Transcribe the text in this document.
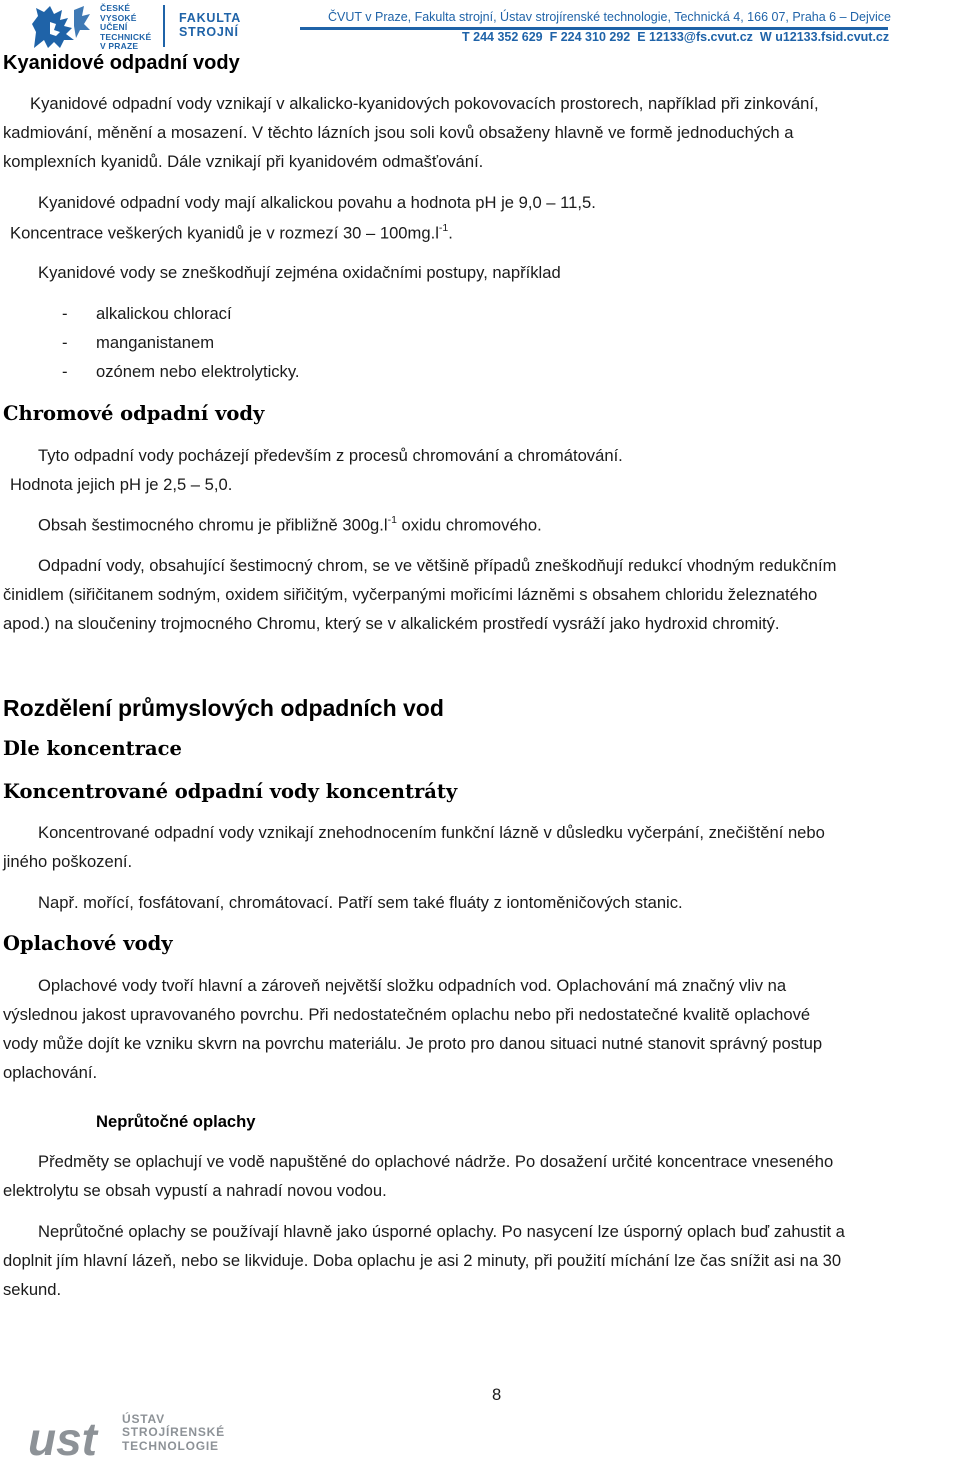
ČESKÉ
VYSOKÉ
UČENÍ
TECHNICKÉ
V PRAZE
FAKULTA
STROJNÍ
ČVUT v Praze, Fakulta strojní, Ústav strojírenské technologie, Technická 4, 166 07, Praha 6 – Dejvice
T 244 352 629 F 224 310 292 E 12133@fs.cvut.cz W u12133.fsid.cvut.cz
Kyanidové odpadní vody
Kyanidové odpadní vody vznikají v alkalicko-kyanidových pokovovacích prostorech, například při zinkování,
kadmiování, měnění a mosazení. V těchto lázních jsou soli kovů obsaženy hlavně ve formě jednoduchých a
komplexních kyanidů. Dále vznikají při kyanidovém odmašťování.
Kyanidové odpadní vody mají alkalickou povahu a hodnota pH je 9,0 – 11,5.
Koncentrace veškerých kyanidů je v rozmezí $30 - 100mg.l^{-1}$.
Kyanidové vody se zneškodňují zejména oxidačními postupy, například
- alkalickou chlorací
- manganistanem
- ozónem nebo elektrolyticky.
Chromové odpadní vody
Tyto odpadní vody pocházejí především z procesů chromování a chromátování.
Hodnota jejich pH je 2,5 – 5,0.
Obsah šestimocného chromu je přibližně $300g.l^{-1}$ oxidu chromového.
Odpadní vody, obsahující šestimocný chrom, se ve většině případů zneškodňují redukcí vhodným redukčním
činidlem (siřičitanem sodným, oxidem siřičitým, vyčerpanými mořicími lázněmi s obsahem chloridu železnatého
apod.) na sloučeniny trojmocného Chromu, který se v alkalickém prostředí vysráží jako hydroxid chromitý.
Rozdělení průmyslových odpadních vod
Dle koncentrace
Koncentrované odpadní vody koncentráty
Koncentrované odpadní vody vznikají znehodnocením funkční lázně v důsledku vyčerpání, znečištění nebo
jiného poškození.
Např. mořící, fosfátovaní, chromátovací. Patří sem také fluáty z iontoměničových stanic.
Oplachové vody
Oplachové vody tvoří hlavní a zároveň největší složku odpadních vod. Oplachování má značný vliv na
výslednou jakost upravovaného povrchu. Při nedostatečném oplachu nebo při nedostatečné kvalitě oplachové
vody může dojít ke vzniku skvrn na povrchu materiálu. Je proto pro danou situaci nutné stanovit správný postup
oplachování.
Neprůtočné oplachy
Předměty se oplachují ve vodě napuštěné do oplachové nádrže. Po dosažení určité koncentrace vneseného
elektrolytu se obsah vypustí a nahradí novou vodou.
Neprůtočné oplachy se používají hlavně jako úsporné oplachy. Po nasycení lze úsporný oplach buď zahustit a
doplnit jím hlavní lázeň, nebo se likviduje. Doba oplachu je asi 2 minuty, při použití míchání lze čas snížit asi na 30
sekund.
8
ust ÚSTAV
STROJÍRENSKÉ
TECHNOLOGIE
